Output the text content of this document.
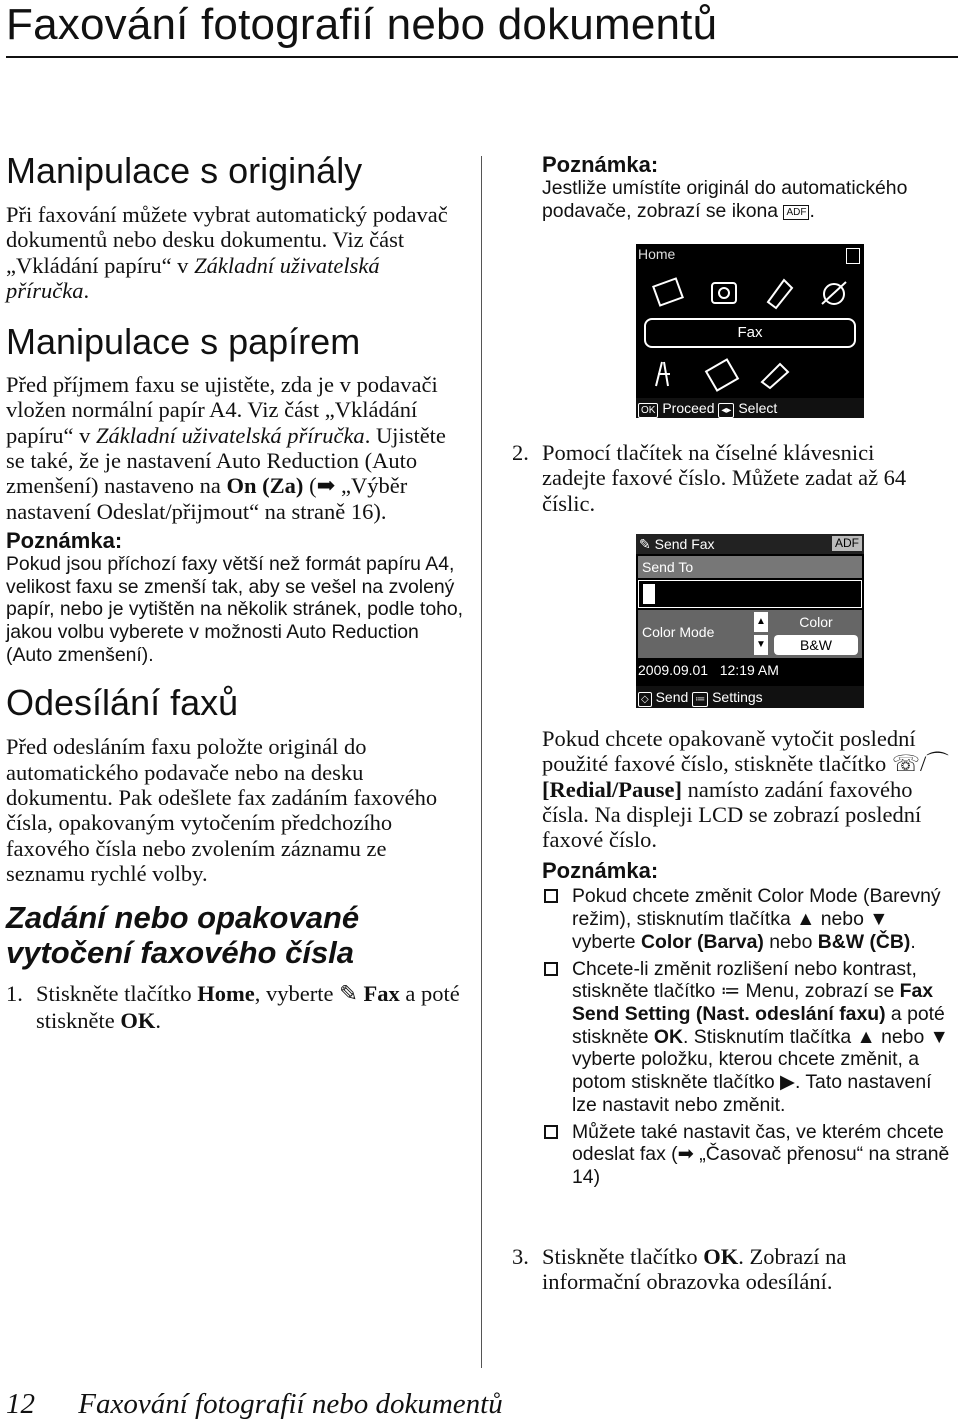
Faxování fotografií nebo dokumentů
Manipulace s originály

Při faxování můžete vybrat automatický podavač dokumentů nebo desku dokumentu. Viz část „Vkládání papíru“ v Základní uživatelská příručka.

Manipulace s papírem

Před příjmem faxu se ujistěte, zda je v podavači vložen normální papír A4. Viz část „Vkládání papíru“ v Základní uživatelská příručka. Ujistěte se také, že je nastavení Auto Reduction (Auto zmenšení) nastaveno na On (Za) (➡ „Výběr nastavení Odeslat/přijmout“ na straně 16).

Poznámka:

Pokud jsou příchozí faxy větší než formát papíru A4, velikost faxu se zmenší tak, aby se vešel na zvolený papír, nebo je vytištěn na několik stránek, podle toho, jakou volbu vyberete v možnosti Auto Reduction (Auto zmenšení).

Odesílání faxů

Před odesláním faxu položte originál do automatického podavače nebo na desku dokumentu. Pak odešlete fax zadáním faxového čísla, opakovaným vytočením předchozího faxového čísla nebo zvolením záznamu ze seznamu rychlé volby.

Zadání nebo opakované vytočení faxového čísla
1. Stiskněte tlačítko Home, vyberte ✎ Fax a poté stiskněte OK.
Poznámka:

Jestliže umístíte originál do automatického podavače, zobrazí se ikona ADF .

Home
Fax
OK Proceed ◂▸ Select
2. Pomocí tlačítek na číselné klávesnici zadejte faxové číslo. Můžete zadat až 64 číslic.
✎ Send Fax	ADF
Send To
Color Mode
▲
▼
Color
B&W
2009.09.01   12:19 AM
◇ Send ≔ Settings

Pokud chcete opakovaně vytočit poslední použité faxové číslo, stiskněte tlačítko ☏/⌒ [Redial/Pause] namísto zadání faxového čísla. Na displeji LCD se zobrazí poslední faxové číslo.

Poznámka:
Pokud chcete změnit Color Mode (Barevný režim), stisknutím tlačítka ▲ nebo ▼ vyberte Color (Barva) nebo B&W (ČB).
Chcete-li změnit rozlišení nebo kontrast, stiskněte tlačítko ≔ Menu, zobrazí se Fax Send Setting (Nast. odeslání faxu) a poté stiskněte OK. Stisknutím tlačítka ▲ nebo ▼ vyberte položku, kterou chcete změnit, a potom stiskněte tlačítko ▶. Tato nastavení lze nastavit nebo změnit.
Můžete také nastavit čas, ve kterém chcete odeslat fax (➡ „Časovač přenosu“ na straně 14)
3. Stiskněte tlačítko OK. Zobrazí na informační obrazovka odesílání.
12 Faxování fotografií nebo dokumentů
